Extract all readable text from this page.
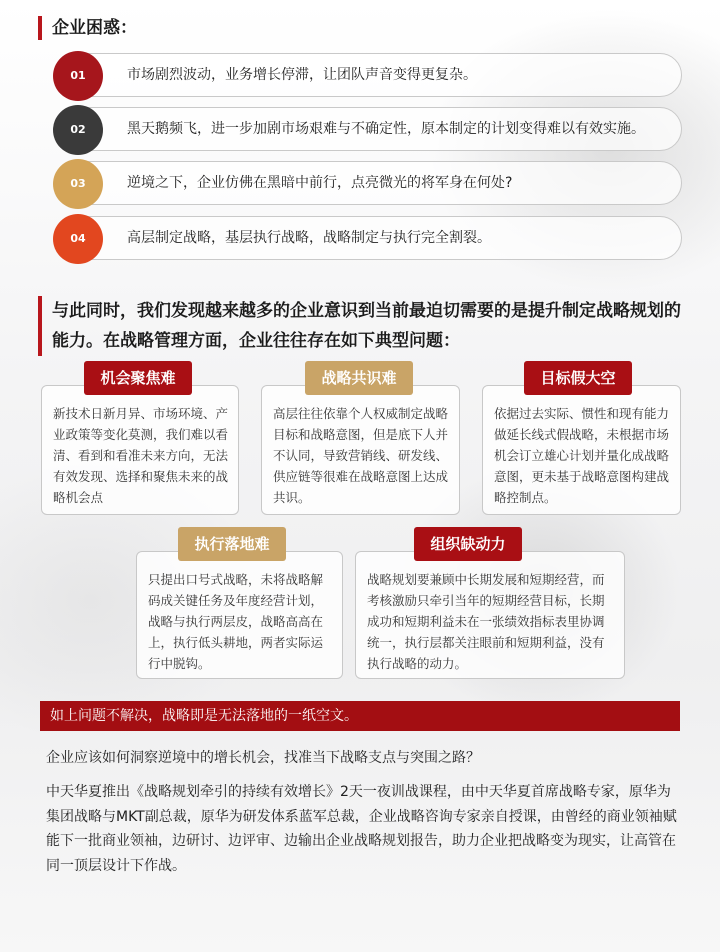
企业困惑：
01	市场剧烈波动，业务增长停滞，让团队声音变得更复杂。
02	黑天鹅频飞，进一步加剧市场艰难与不确定性，原本制定的计划变得难以有效实施。
03	逆境之下，企业仿佛在黑暗中前行，点亮微光的将军身在何处?
04	高层制定战略，基层执行战略，战略制定与执行完全割裂。
与此同时，我们发现越来越多的企业意识到当前最迫切需要的是提升制定战略规划的能力。在战略管理方面，企业往往存在如下典型问题：
新技术日新月异、市场环境、产业政策等变化莫测，我们难以看清、看到和看准未来方向，无法有效发现、选择和聚焦未来的战略机会点
机会聚焦难
高层往往依靠个人权威制定战略目标和战略意图，但是底下人并不认同，导致营销线、研发线、供应链等很难在战略意图上达成共识。
战略共识难
依据过去实际、惯性和现有能力做延长线式假战略，未根据市场机会订立雄心计划并量化成战略意图，更未基于战略意图构建战略控制点。
目标假大空
只提出口号式战略，未将战略解码成关键任务及年度经营计划，战略与执行两层皮，战略高高在上，执行低头耕地，两者实际运行中脱钩。
执行落地难
战略规划要兼顾中长期发展和短期经营，而考核激励只牵引当年的短期经营目标，长期成功和短期利益未在一张绩效指标表里协调统一，执行层都关注眼前和短期利益，没有执行战略的动力。
组织缺动力
如上问题不解决，战略即是无法落地的一纸空文。
企业应该如何洞察逆境中的增长机会，找准当下战略支点与突围之路？
中天华夏推出《战略规划牵引的持续有效增长》2天一夜训战课程，由中天华夏首席战略专家，原华为集团战略与MKT副总裁，原华为研发体系蓝军总裁，企业战略咨询专家亲自授课，由曾经的商业领袖赋能下一批商业领袖，边研讨、边评审、边输出企业战略规划报告，助力企业把战略变为现实，让高管在同一顶层设计下作战。
